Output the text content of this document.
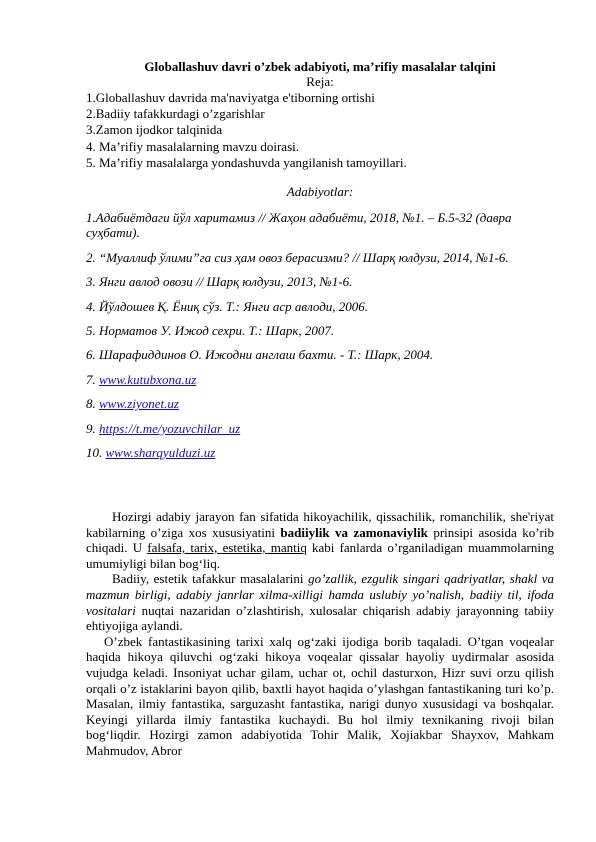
Globallashuv davri o’zbek adabiyoti, ma’rifiy masalalar talqini
Reja:
1.Globallashuv davrida ma'naviyatga e'tiborning ortishi
2.Badiiy tafakkurdagi o’zgarishlar
3.Zamon ijodkor talqinida
4. Ma’rifiy masalalarning mavzu doirasi.
5. Ma’rifiy masalalarga yondashuvda yangilanish tamoyillari.
Adabiyotlar:
1.Адабиётдаги йўл харитамиз // Жаҳон адабиёти, 2018, №1. – Б.5-32 (давра суҳбати).
2. “Муаллиф ўлими”га сиз ҳам овоз берасизми? // Шарқ юлдузи, 2014, №1-6.
3. Янги авлод овози // Шарқ юлдузи, 2013, №1-6.
4. Йўлдошев Қ. Ёниқ сўз. Т.: Янги аср авлоди, 2006.
5. Норматов У. Ижод сехри. Т.: Шарк, 2007.
6. Шарафиддинов О. Ижодни англаш бахти. - Т.: Шарк, 2004.
7. www.kutubxona.uz
8. www.ziyonet.uz
9. https://t.me/yozuvchilar_uz
10. www.sharqyulduzi.uz

Hozirgi adabiy jarayon fan sifatida hikoyachilik, qissachilik, romanchilik, she'riyat kabilarning o’ziga xos xususiyatini badiiylik va zamonaviylik prinsipi asosida ko’rib chiqadi. U falsafa, tarix, estetika, mantiq kabi fanlarda o’rganiladigan muammolarning umumiyligi bilan bog‘liq.

Badiiy, estetik tafakkur masalalarini go’zallik, ezgulik singari qadriyatlar, shakl va mazmun birligi, adabiy janrlar xilma-xilligi hamda uslubiy yo’nalish, badiiy til, ifoda vositalari nuqtai nazaridan o’zlashtirish, xulosalar chiqarish adabiy jarayonning tabiiy ehtiyojiga aylandi.

O’zbek fantastikasining tarixi xalq og‘zaki ijodiga borib taqaladi. O’tgan voqealar haqida hikoya qiluvchi og‘zaki hikoya voqealar qissalar hayoliy uydirmalar asosida vujudga keladi. Insoniyat uchar gilam, uchar ot, ochil dasturxon, Hizr suvi orzu qilish orqali o’z istaklarini bayon qilib, baxtli hayot haqida o’ylashgan fantastikaning turi ko’p. Masalan, ilmiy fantastika, sarguzasht fantastika, narigi dunyo xususidagi va boshqalar. Keyingi yillarda ilmiy fantastika kuchaydi. Bu hol ilmiy texnikaning rivoji bilan bog‘liqdir. Hozirgi zamon adabiyotida Tohir Malik, Xojiakbar Shayxov, Mahkam Mahmudov, Abror
